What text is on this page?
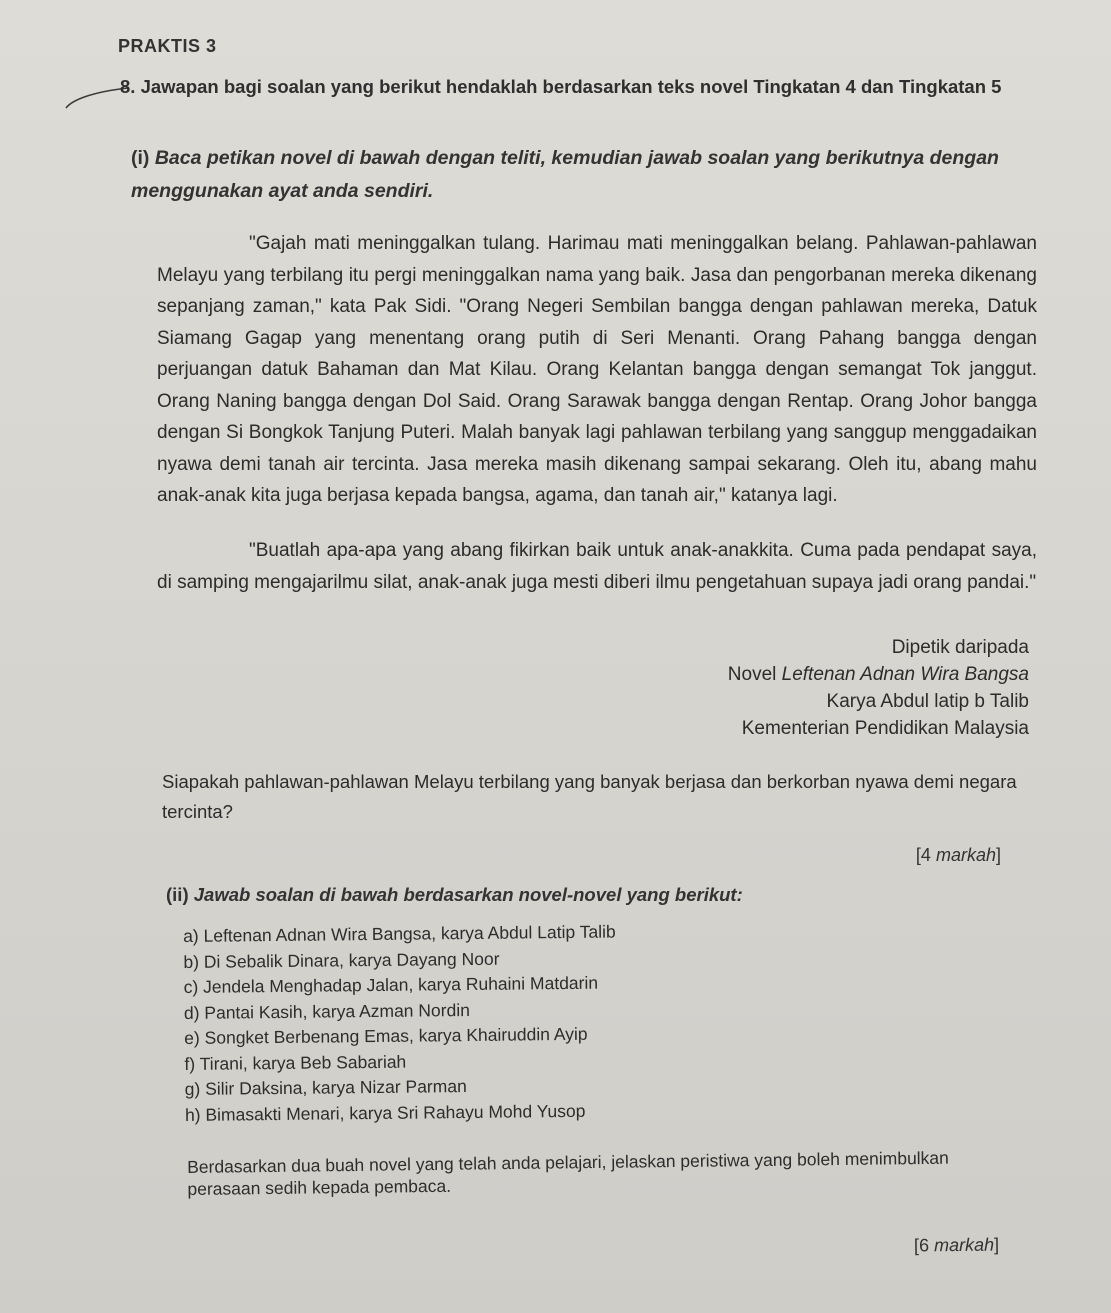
PRAKTIS 3
8. Jawapan bagi soalan yang berikut hendaklah berdasarkan teks novel Tingkatan 4 dan Tingkatan 5
(i) Baca petikan novel di bawah dengan teliti, kemudian jawab soalan yang berikutnya dengan menggunakan ayat anda sendiri.

"Gajah mati meninggalkan tulang. Harimau mati meninggalkan belang. Pahlawan-pahlawan Melayu yang terbilang itu pergi meninggalkan nama yang baik. Jasa dan pengorbanan mereka dikenang sepanjang zaman," kata Pak Sidi. "Orang Negeri Sembilan bangga dengan pahlawan mereka, Datuk Siamang Gagap yang menentang orang putih di Seri Menanti. Orang Pahang bangga dengan perjuangan datuk Bahaman dan Mat Kilau. Orang Kelantan bangga dengan semangat Tok janggut. Orang Naning bangga dengan Dol Said. Orang Sarawak bangga dengan Rentap. Orang Johor bangga dengan Si Bongkok Tanjung Puteri. Malah banyak lagi pahlawan terbilang yang sanggup menggadaikan nyawa demi tanah air tercinta. Jasa mereka masih dikenang sampai sekarang. Oleh itu, abang mahu anak-anak kita juga berjasa kepada bangsa, agama, dan tanah air," katanya lagi.

"Buatlah apa-apa yang abang fikirkan baik untuk anak-anakkita. Cuma pada pendapat saya, di samping mengajarilmu silat, anak-anak juga mesti diberi ilmu pengetahuan supaya jadi orang pandai."

Dipetik daripada
Novel Leftenan Adnan Wira Bangsa
Karya Abdul latip b Talib
Kementerian Pendidikan Malaysia

Siapakah pahlawan-pahlawan Melayu terbilang yang banyak berjasa dan berkorban nyawa demi negara tercinta?

[4 markah]
(ii) Jawab soalan di bawah berdasarkan novel-novel yang berikut:
a) Leftenan Adnan Wira Bangsa, karya Abdul Latip Talib
b) Di Sebalik Dinara, karya Dayang Noor
c) Jendela Menghadap Jalan, karya Ruhaini Matdarin
d) Pantai Kasih, karya Azman Nordin
e) Songket Berbenang Emas, karya Khairuddin Ayip
f) Tirani, karya Beb Sabariah
g) Silir Daksina, karya Nizar Parman
h) Bimasakti Menari, karya Sri Rahayu Mohd Yusop

Berdasarkan dua buah novel yang telah anda pelajari, jelaskan peristiwa yang boleh menimbulkan perasaan sedih kepada pembaca.

[6 markah]
